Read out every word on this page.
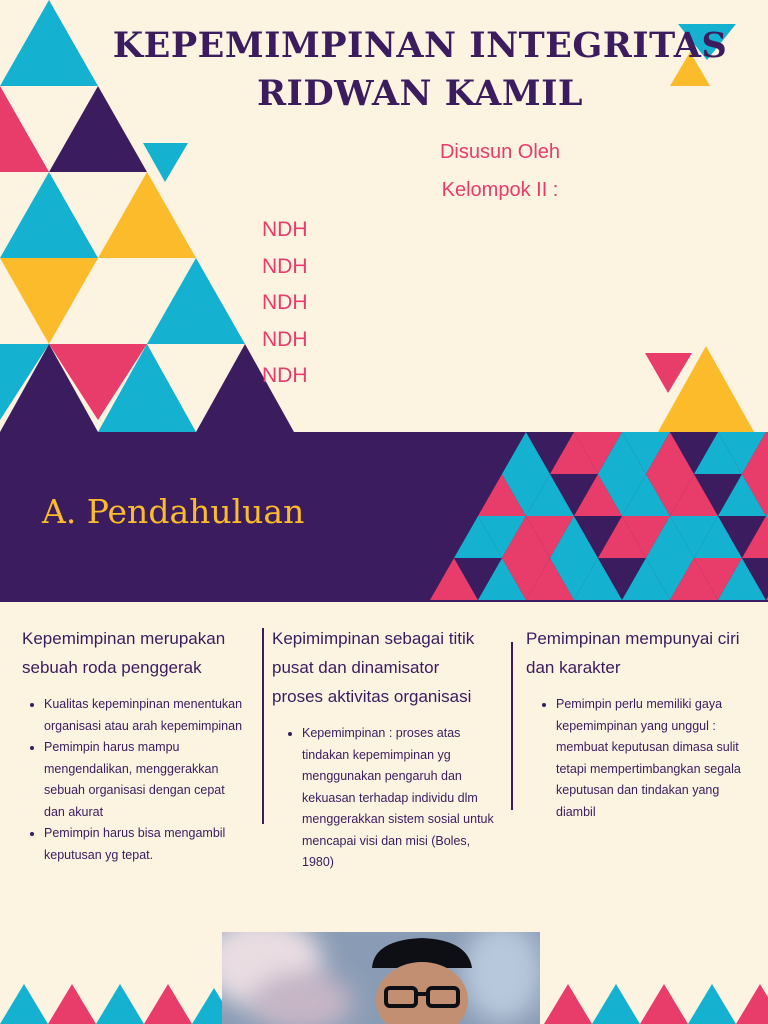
KEPEMIMPINAN INTEGRITAS
RIDWAN KAMIL
Disusun Oleh
Kelompok II :
NDH
NDH
NDH
NDH
NDH
A. Pendahuluan
Kepemimpinan merupakan sebuah roda penggerak
• Kualitas kepeminpinan menentukan organisasi atau arah kepemimpinan
• Pemimpin harus mampu mengendalikan, menggerakkan sebuah organisasi dengan cepat dan akurat
• Pemimpin harus bisa mengambil keputusan yg tepat.
Kepimimpinan sebagai titik pusat dan dinamisator proses aktivitas organisasi
• Kepemimpinan : proses atas tindakan kepemimpinan yg menggunakan pengaruh dan kekuasan terhadap individu dlm menggerakkan sistem sosial untuk mencapai visi dan misi (Boles, 1980)
Pemimpinan mempunyai ciri dan karakter
• Pemimpin perlu memiliki gaya kepemimpinan yang unggul : membuat keputusan dimasa sulit tetapi mempertimbangkan segala keputusan dan tindakan yang diambil
